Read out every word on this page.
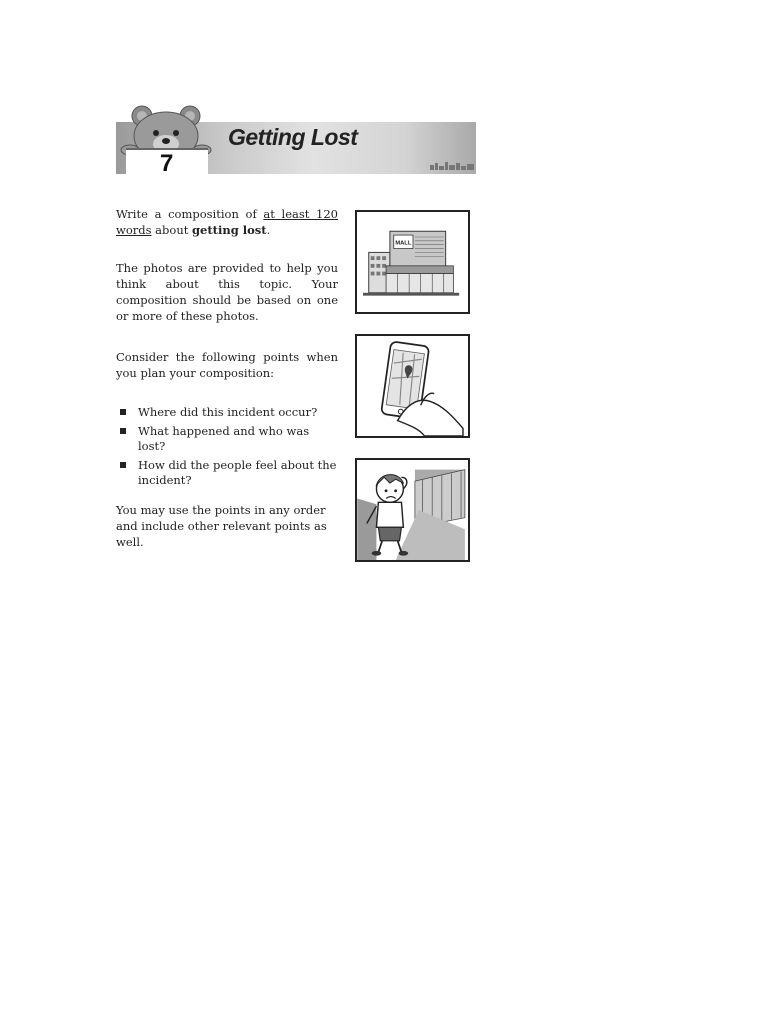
7
Getting Lost

Write a composition of at least 120 words about getting lost.

The photos are provided to help you think about this topic. Your composition should be based on one or more of these photos.

Consider the following points when you plan your composition:

Where did this incident occur?
What happened and who was lost?
How did the people feel about the incident?

You may use the points in any order and include other relevant points as well.

MALL
